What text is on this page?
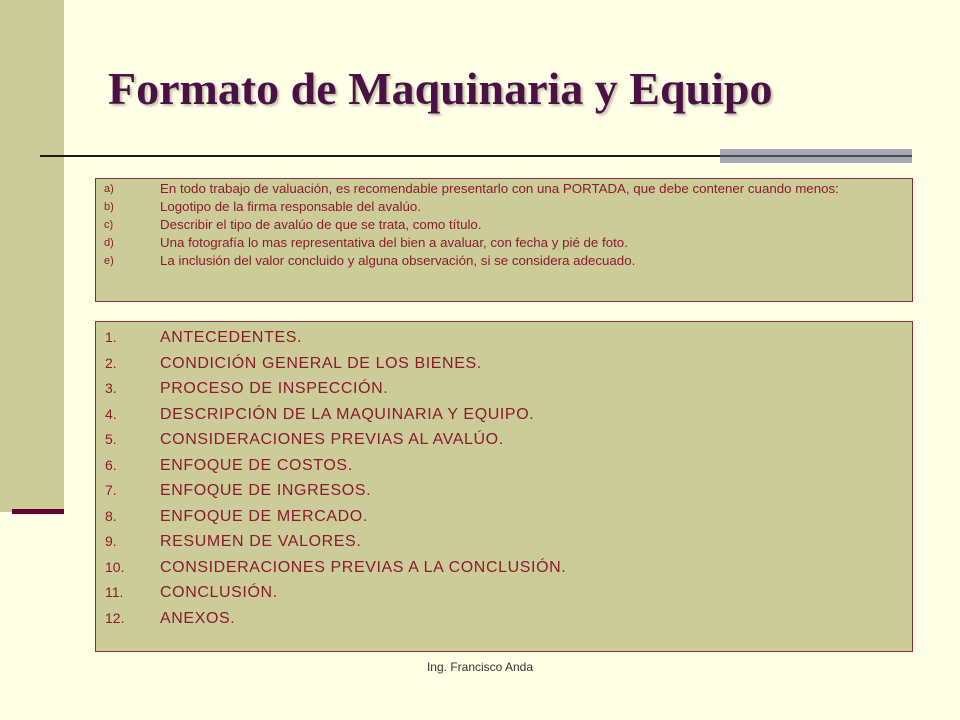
Formato de Maquinaria y Equipo
a)	En todo trabajo de valuación, es recomendable presentarlo con una PORTADA, que debe contener cuando menos:
b)	Logotipo de la firma responsable del avalúo.
c)	Describir el tipo de avalúo de que se trata, como título.
d)	Una fotografía lo mas representativa del bien a avaluar, con fecha y pié de foto.
e)	La inclusión del valor concluido y alguna observación, si se considera adecuado.
1.	ANTECEDENTES.
2.	CONDICIÓN GENERAL DE LOS BIENES.
3.	PROCESO DE INSPECCIÓN.
4.	DESCRIPCIÓN DE LA MAQUINARIA Y EQUIPO.
5.	CONSIDERACIONES PREVIAS AL AVALÚO.
6.	ENFOQUE DE COSTOS.
7.	ENFOQUE DE INGRESOS.
8.	ENFOQUE DE MERCADO.
9.	RESUMEN DE VALORES.
10. CONSIDERACIONES PREVIAS A LA CONCLUSIÓN.
11. CONCLUSIÓN.
12. ANEXOS.
Ing. Francisco Anda
